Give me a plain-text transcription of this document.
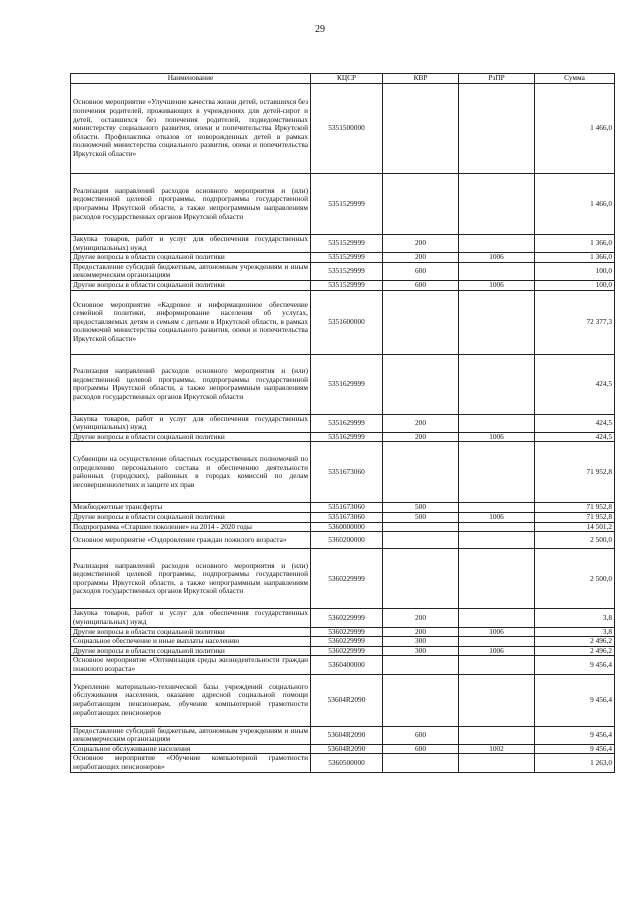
29
Наименование	КЦСР	КВР	РзПР	Сумма
Основное мероприятие «Улучшение качества жизни детей, оставшихся без попечения родителей, проживающих в учреждениях для детей-сирот и детей, оставшихся без попечения родителей, подведомственных министерству социального развития, опеки и попечительства Иркутской области. Профилактика отказов от новорожденных детей в рамках полномочий министерства социального развития, опеки и попечительства Иркутской области»	5351500000			1 466,0
Реализация направлений расходов основного мероприятия и (или) ведомственной целевой программы, подпрограммы государственной программы Иркутской области, а также непрограммным направлениям расходов государственных органов Иркутской области	5351529999			1 466,0
Закупка товаров, работ и услуг для обеспечения государственных (муниципальных) нужд	5351529999	200		1 366,0
Другие вопросы в области социальной политики	5351529999	200	1006	1 366,0
Предоставление субсидий бюджетным, автономным учреждениям и иным некоммерческим организациям	5351529999	600		100,0
Другие вопросы в области социальной политики	5351529999	600	1006	100,0
Основное мероприятие «Кадровое и информационное обеспечение семейной политики, информирование населения об услугах, предоставляемых детям и семьям с детьми в Иркутской области, в рамках полномочий министерства социального развития, опеки и попечительства Иркутской области»	5351600000			72 377,3
Реализация направлений расходов основного мероприятия и (или) ведомственной целевой программы, подпрограммы государственной программы Иркутской области, а также непрограммным направлениям расходов государственных органов Иркутской области	5351629999			424,5
Закупка товаров, работ и услуг для обеспечения государственных (муниципальных) нужд	5351629999	200		424,5
Другие вопросы в области социальной политики	5351629999	200	1006	424,5
Субвенции на осуществление областных государственных полномочий по определению персонального состава и обеспечению деятельности районных (городских), районных в городах комиссий по делам несовершеннолетних и защите их прав	5351673060			71 952,8
Межбюджетные трансферты	5351673060	500		71 952,8
Другие вопросы в области социальной политики	5351673060	500	1006	71 952,8
Подпрограмма «Старшее поколение» на 2014 - 2020 годы	5360000000			14 501,2
Основное мероприятие «Оздоровление граждан пожилого возраста»	5360200000			2 500,0
Реализация направлений расходов основного мероприятия и (или) ведомственной целевой программы, подпрограммы государственной программы Иркутской области, а также непрограммным направлениям расходов государственных органов Иркутской области	5360229999			2 500,0
Закупка товаров, работ и услуг для обеспечения государственных (муниципальных) нужд	5360229999	200		3,8
Другие вопросы в области социальной политики	5360229999	200	1006	3,8
Социальное обеспечение и иные выплаты населению	5360229999	300		2 496,2
Другие вопросы в области социальной политики	5360229999	300	1006	2 496,2
Основное мероприятие «Оптимизация среды жизнедеятельности граждан пожилого возраста»	5360400000			9 456,4
Укрепление материально-технической базы учреждений социального обслуживания населения, оказание адресной социальной помощи неработающим пенсионерам, обучение компьютерной грамотности неработающих пенсионеров	53604R2090			9 456,4
Предоставление субсидий бюджетным, автономным учреждениям и иным некоммерческим организациям	53604R2090	600		9 456,4
Социальное обслуживание населения	53604R2090	600	1002	9 456,4
Основное мероприятие «Обучение компьютерной грамотности неработающих пенсионеров»	5360500000			1 263,0
